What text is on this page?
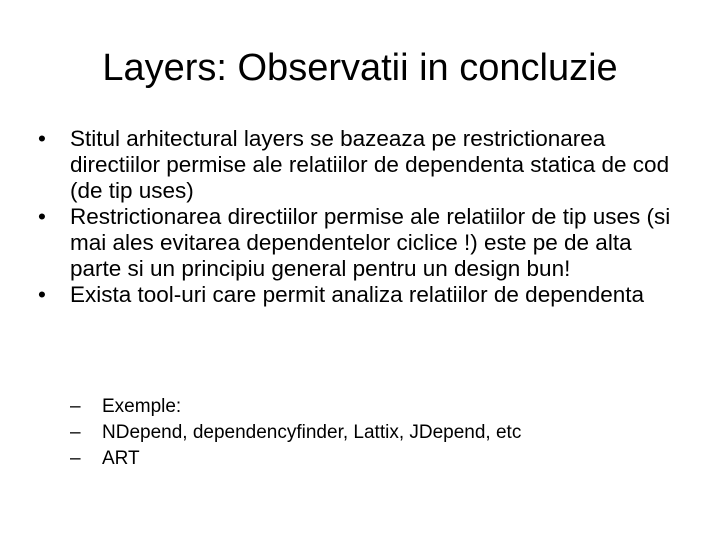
Layers: Observatii in concluzie
•	Stitul arhitectural layers se bazeaza pe restrictionarea directiilor permise ale relatiilor de dependenta statica de cod (de tip uses)
•	Restrictionarea directiilor permise ale relatiilor de tip uses (si mai ales evitarea dependentelor ciclice !) este pe de alta parte si un principiu general pentru un design bun!
•	Exista tool-uri care permit analiza relatiilor de dependenta
–	Exemple:
–	NDepend, dependencyfinder, Lattix, JDepend, etc
–	ART
